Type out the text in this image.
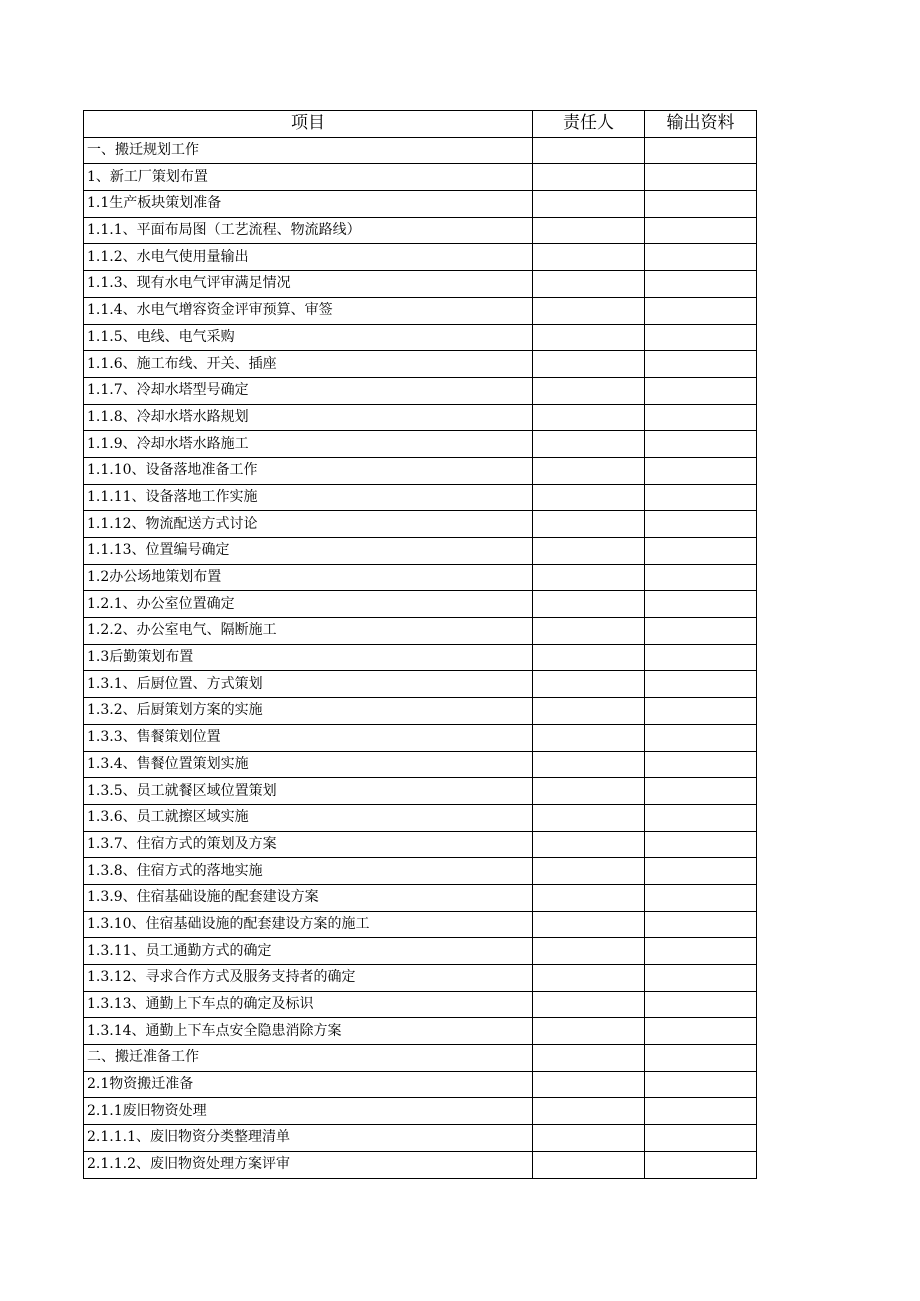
项目	责任人	输出资料
一、搬迁规划工作		
1、新工厂策划布置		
1.1生产板块策划准备		
1.1.1、平面布局图（工艺流程、物流路线）		
1.1.2、水电气使用量输出		
1.1.3、现有水电气评审满足情况		
1.1.4、水电气增容资金评审预算、审签		
1.1.5、电线、电气采购		
1.1.6、施工布线、开关、插座		
1.1.7、冷却水塔型号确定		
1.1.8、冷却水塔水路规划		
1.1.9、冷却水塔水路施工		
1.1.10、设备落地准备工作		
1.1.11、设备落地工作实施		
1.1.12、物流配送方式讨论		
1.1.13、位置编号确定		
1.2办公场地策划布置		
1.2.1、办公室位置确定		
1.2.2、办公室电气、隔断施工		
1.3后勤策划布置		
1.3.1、后厨位置、方式策划		
1.3.2、后厨策划方案的实施		
1.3.3、售餐策划位置		
1.3.4、售餐位置策划实施		
1.3.5、员工就餐区域位置策划		
1.3.6、员工就擦区域实施		
1.3.7、住宿方式的策划及方案		
1.3.8、住宿方式的落地实施		
1.3.9、住宿基础设施的配套建设方案		
1.3.10、住宿基础设施的配套建设方案的施工		
1.3.11、员工通勤方式的确定		
1.3.12、寻求合作方式及服务支持者的确定		
1.3.13、通勤上下车点的确定及标识		
1.3.14、通勤上下车点安全隐患消除方案		
二、搬迁准备工作		
2.1物资搬迁准备		
2.1.1废旧物资处理		
2.1.1.1、废旧物资分类整理清单		
2.1.1.2、废旧物资处理方案评审		
